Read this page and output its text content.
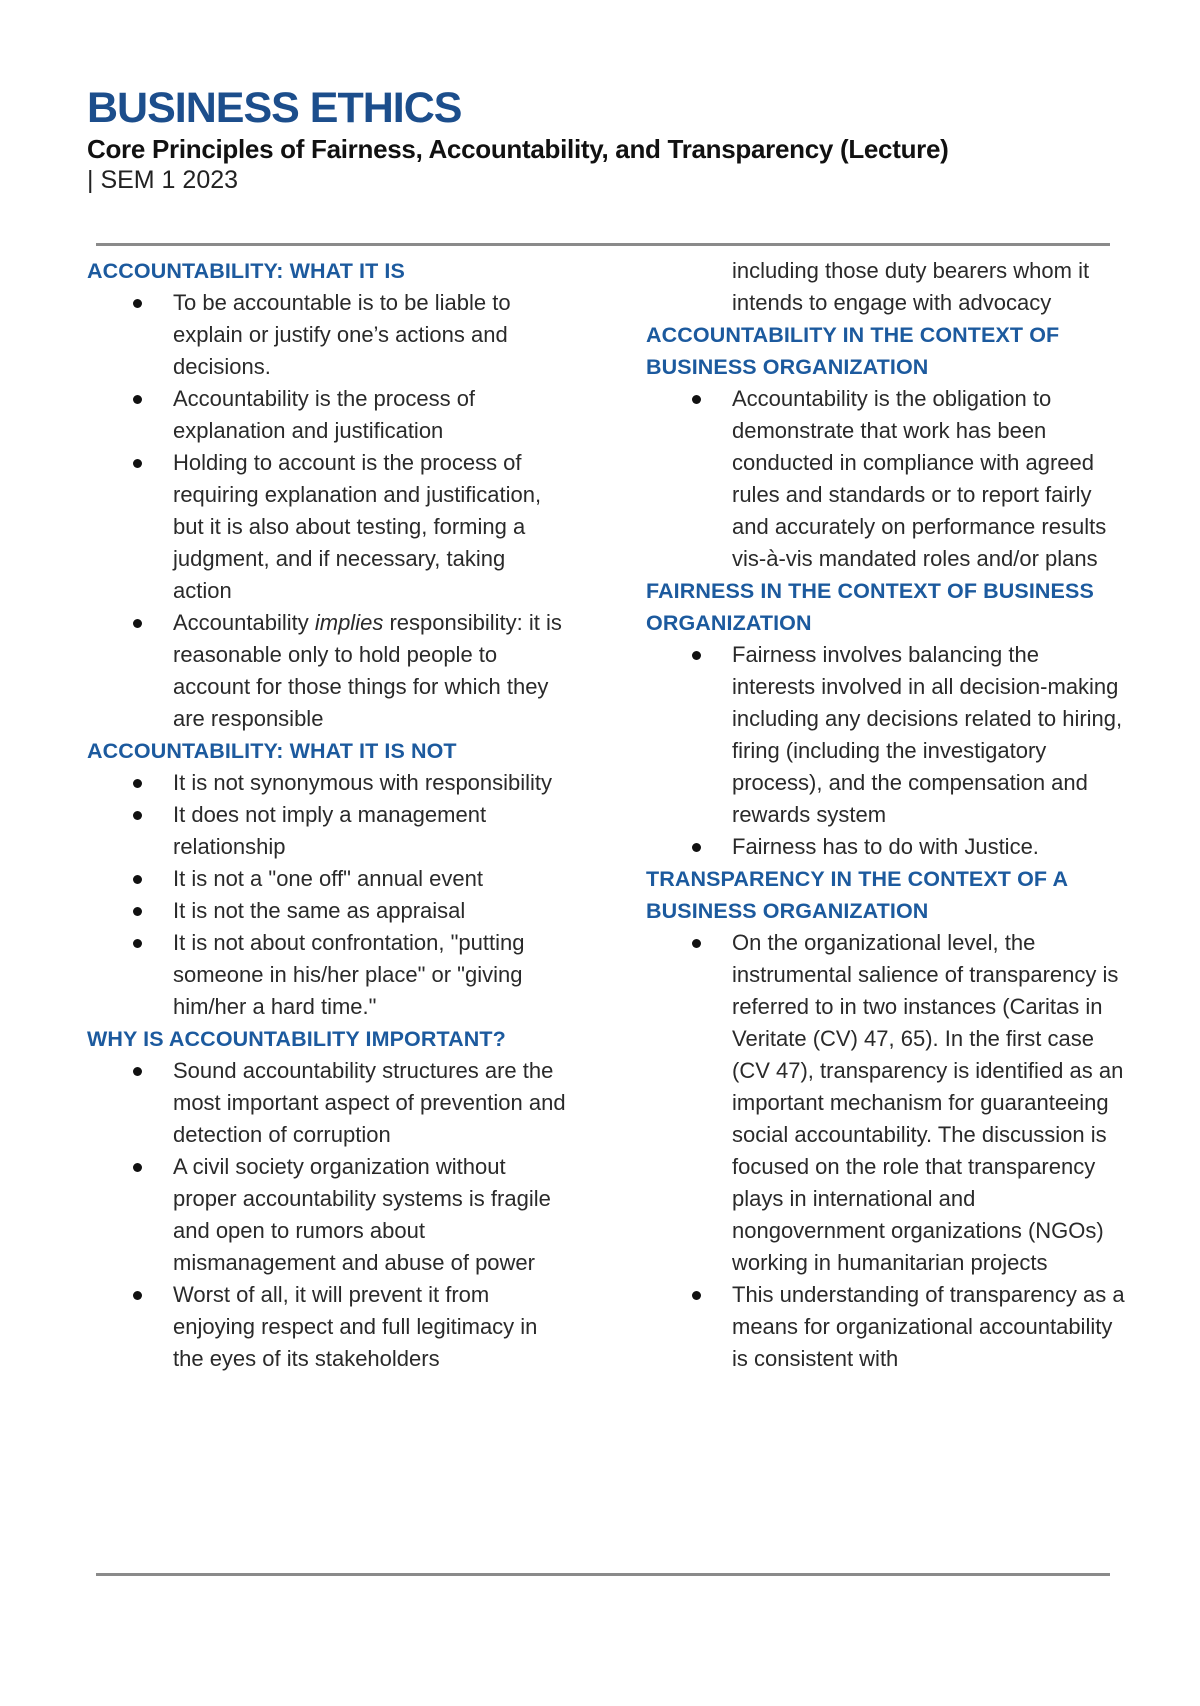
BUSINESS ETHICS
Core Principles of Fairness, Accountability, and Transparency (Lecture)
| SEM 1 2023
ACCOUNTABILITY: WHAT IT IS
To be accountable is to be liable to explain or justify one’s actions and decisions.
Accountability is the process of explanation and justification
Holding to account is the process of requiring explanation and justification, but it is also about testing, forming a judgment, and if necessary, taking action
Accountability implies responsibility: it is reasonable only to hold people to account for those things for which they are responsible
ACCOUNTABILITY: WHAT IT IS NOT
It is not synonymous with responsibility
It does not imply a management relationship
It is not a "one off" annual event
It is not the same as appraisal
It is not about confrontation, "putting someone in his/her place" or "giving him/her a hard time."
WHY IS ACCOUNTABILITY IMPORTANT?
Sound accountability structures are the most important aspect of prevention and detection of corruption
A civil society organization without proper accountability systems is fragile and open to rumors about mismanagement and abuse of power
Worst of all, it will prevent it from enjoying respect and full legitimacy in the eyes of its stakeholders

including those duty bearers whom it intends to engage with advocacy

ACCOUNTABILITY IN THE CONTEXT OF BUSINESS ORGANIZATION
Accountability is the obligation to demonstrate that work has been conducted in compliance with agreed rules and standards or to report fairly and accurately on performance results vis-à-vis mandated roles and/or plans
FAIRNESS IN THE CONTEXT OF BUSINESS ORGANIZATION
Fairness involves balancing the interests involved in all decision-making including any decisions related to hiring, firing (including the investigatory process), and the compensation and rewards system
Fairness has to do with Justice.
TRANSPARENCY IN THE CONTEXT OF A BUSINESS ORGANIZATION
On the organizational level, the instrumental salience of transparency is referred to in two instances (Caritas in Veritate (CV) 47, 65). In the first case (CV 47), transparency is identified as an important mechanism for guaranteeing social accountability. The discussion is focused on the role that transparency plays in international and nongovernment organizations (NGOs) working in humanitarian projects
This understanding of transparency as a means for organizational accountability is consistent with
